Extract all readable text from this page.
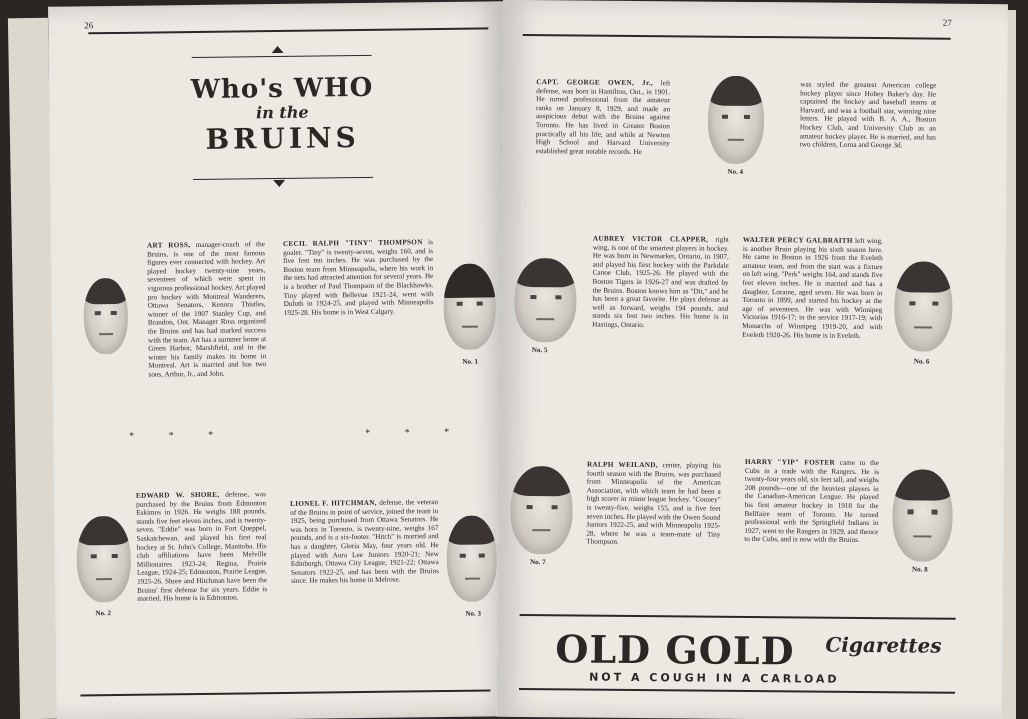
26
Who's WHO
in the
BRUINS
ART ROSS, manager-coach of the Bruins, is one of the most famous figures ever connected with hockey. Art played hockey twenty-nine years, seventeen of which were spent in vigorous professional hockey. Art played pro hockey with Montreal Wanderers, Ottawa Senators, Kenora Thistles, winner of the 1907 Stanley Cup, and Brandon, Ont. Manager Ross organized the Bruins and has had marked success with the team. Art has a summer home at Green Harbor, Marshfield, and in the winter his family makes its home in Montreal. Art is married and has two sons, Arthur, Jr., and John.
CECIL RALPH "TINY" THOMPSON is goaler. "Tiny" is twenty-seven, weighs 160, and is five feet ten inches. He was purchased by the Boston team from Minneapolis, where his work in the nets had attracted attention for several years. He is a brother of Paul Thompson of the Blackhawks. Tiny played with Bellevue 1921-24, went with Duluth in 1924-25, and played with Minneapolis 1925-28. His home is in West Calgary.
No. 1
* * *	* * *
No. 2
EDWARD W. SHORE, defense, was purchased by the Bruins from Edmonton Eskimos in 1926. He weighs 188 pounds, stands five feet eleven inches, and is twenty-seven. "Eddie" was born in Fort Queppel, Saskatchewan, and played his first real hockey at St. John's College, Manitoba. His club affiliations have been Melville Millionaires 1923-24; Regina, Prairie League, 1924-25; Edmonton, Prairie League, 1925-26. Shore and Hitchman have been the Bruins' first defense for six years. Eddie is married. His home is in Edmonton.
LIONEL F. HITCHMAN, defense, the veteran of the Bruins in point of service, joined the team in 1925, being purchased from Ottawa Senators. He was born in Toronto, is twenty-nine, weighs 167 pounds, and is a six-footer. "Hitch" is married and has a daughter, Gloria May, four years old. He played with Aura Lee Juniors 1920-21; New Edinburgh, Ottawa City League, 1921-22; Ottawa Senators 1922-25, and has been with the Bruins since. He makes his home in Melrose.
No. 3
27
CAPT. GEORGE OWEN, Jr., left defense, was born in Hamilton, Ont., in 1901. He turned professional from the amateur ranks on January 8, 1929, and made an auspicious debut with the Bruins against Toronto. He has lived in Greater Boston practically all his life, and while at Newton High School and Harvard University established great notable records. He
No. 4
was styled the greatest American college hockey player since Hobey Baker's day. He captained the hockey and baseball teams at Harvard, and was a football star, winning nine letters. He played with B. A. A., Boston Hockey Club, and University Club as an amateur hockey player. He is married, and has two children, Lorna and George 3d.
No. 5
AUBREY VICTOR CLAPPER, right wing, is one of the smartest players in hockey. He was born in Newmarket, Ontario, in 1907, and played his first hockey with the Parkdale Canoe Club, 1925-26. He played with the Boston Tigers in 1926-27 and was drafted by the Bruins. Boston knows him as "Dit," and he has been a great favorite. He plays defense as well as forward, weighs 194 pounds, and stands six feet two inches. His home is in Hastings, Ontario.
WALTER PERCY GALBRAITH left wing, is another Bruin playing his sixth season here. He came to Boston in 1926 from the Eveleth amateur team, and from the start was a fixture on left wing. "Perk" weighs 164, and stands five feet eleven inches. He is married and has a daughter, Loraine, aged seven. He was born in Toronto in 1899, and started his hockey at the age of seventeen. He was with Winnipeg Victorias 1916-17; in the service 1917-19; with Monarchs of Winnipeg 1919-20, and with Eveleth 1920-26. His home is in Eveleth.
No. 6
No. 7
RALPH WEILAND, center, playing his fourth season with the Bruins, was purchased from Minneapolis of the American Association, with which team he had been a high scorer in minor league hockey. "Cooney" is twenty-five, weighs 155, and is five feet seven inches. He played with the Owen Sound Juniors 1922-25, and with Minneapolis 1925-28, where he was a team-mate of Tiny Thompson.
HARRY "YIP" FOSTER came to the Cubs in a trade with the Rangers. He is twenty-four years old, six feet tall, and weighs 208 pounds—one of the heaviest players in the Canadian-American League. He played his first amateur hockey in 1918 for the Bellfaire team of Toronto. He turned professional with the Springfield Indians in 1927, went to the Rangers in 1929, and thence to the Cubs, and is now with the Bruins.
No. 8
OLD GOLD Cigarettes
NOT A COUGH IN A CARLOAD
